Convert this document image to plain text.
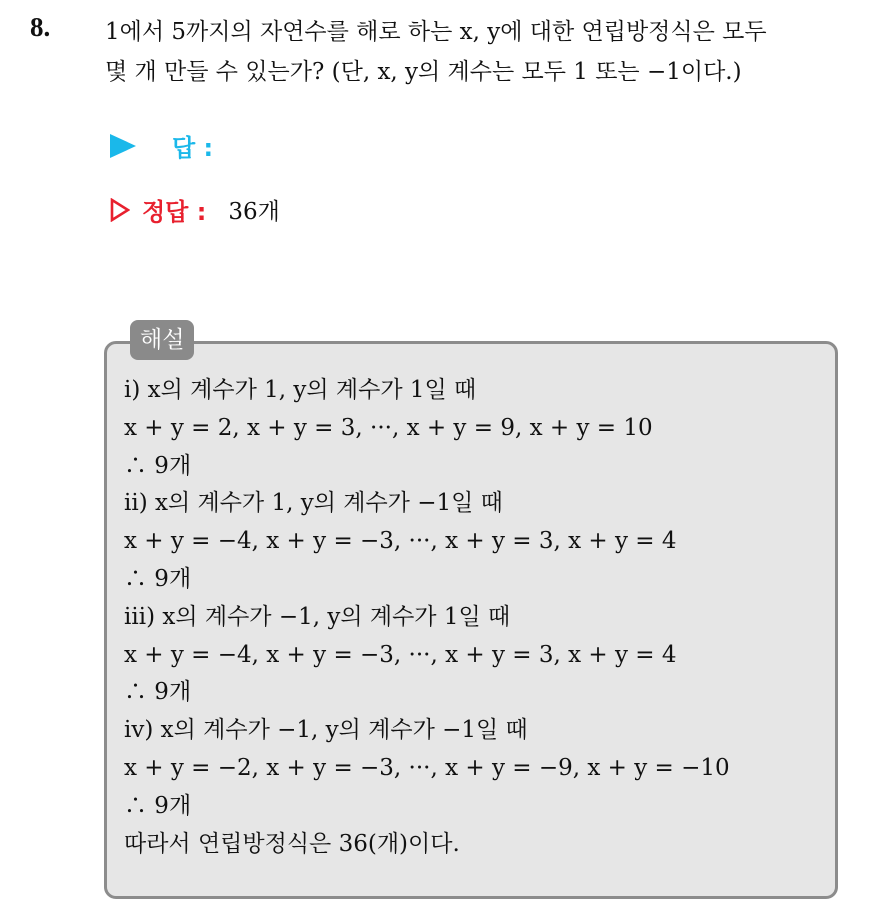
8. 1에서 5까지의 자연수를 해로 하는 x, y에 대한 연립방정식은 모두
몇 개 만들 수 있는가? (단, x, y의 계수는 모두 1 또는 −1이다.)
답 :
정답 : 36개
해설
ⅰ) x의 계수가 1, y의 계수가 1일 때
x + y = 2, x + y = 3, ···, x + y = 9, x + y = 10
∴ 9개
ⅱ) x의 계수가 1, y의 계수가 −1일 때
x + y = −4, x + y = −3, ···, x + y = 3, x + y = 4
∴ 9개
ⅲ) x의 계수가 −1, y의 계수가 1일 때
x + y = −4, x + y = −3, ···, x + y = 3, x + y = 4
∴ 9개
ⅳ) x의 계수가 −1, y의 계수가 −1일 때
x + y = −2, x + y = −3, ···, x + y = −9, x + y = −10
∴ 9개
따라서 연립방정식은 36(개)이다.
